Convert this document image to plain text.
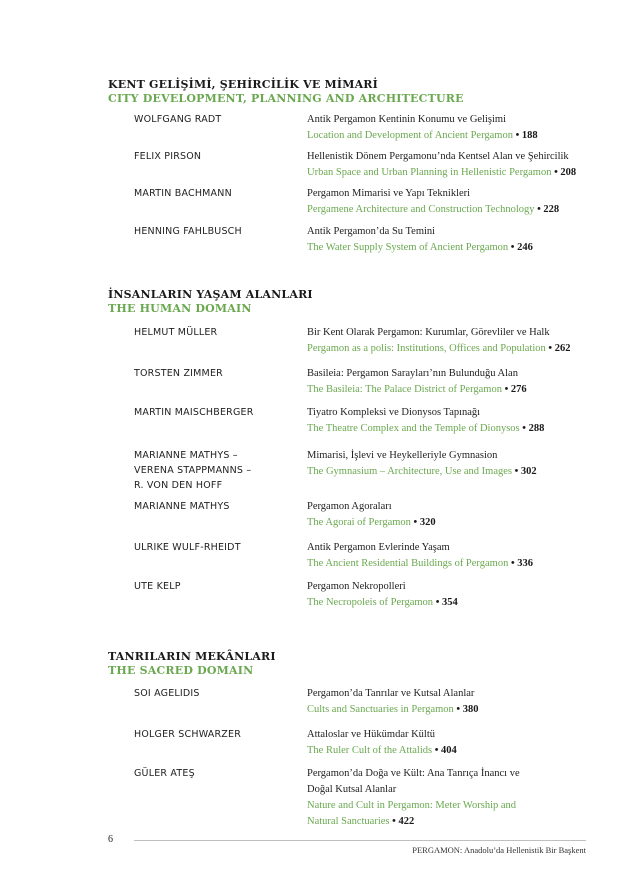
KENT GELİŞİMİ, ŞEHİRCİLİK VE MİMARİ
CITY DEVELOPMENT, PLANNING AND ARCHITECTURE
İNSANLARIN YAŞAM ALANLARI
THE HUMAN DOMAIN
TANRILARIN MEKÂNLARI
THE SACRED DOMAIN
WOLFGANG RADT	Antik Pergamon Kentinin Konumu ve Gelişimi
Location and Development of Ancient Pergamon • 188
FELIX PIRSON	Hellenistik Dönem Pergamonu’nda Kentsel Alan ve Şehircilik
Urban Space and Urban Planning in Hellenistic Pergamon • 208
MARTIN BACHMANN	Pergamon Mimarisi ve Yapı Teknikleri
Pergamene Architecture and Construction Technology • 228
HENNING FAHLBUSCH	Antik Pergamon’da Su Temini
The Water Supply System of Ancient Pergamon • 246
HELMUT MÜLLER	Bir Kent Olarak Pergamon: Kurumlar, Görevliler ve Halk
Pergamon as a polis: Institutions, Offices and Population • 262
TORSTEN ZIMMER	Basileia: Pergamon Sarayları’nın Bulunduğu Alan
The Basileia: The Palace District of Pergamon • 276
MARTIN MAISCHBERGER	Tiyatro Kompleksi ve Dionysos Tapınağı
The Theatre Complex and the Temple of Dionysos • 288
MARIANNE MATHYS –
VERENA STAPPMANNS –
R. VON DEN HOFF
Mimarisi, İşlevi ve Heykelleriyle Gymnasion
The Gymnasium – Architecture, Use and Images • 302
MARIANNE MATHYS	Pergamon Agoraları
The Agorai of Pergamon • 320
ULRIKE WULF-RHEIDT	Antik Pergamon Evlerinde Yaşam
The Ancient Residential Buildings of Pergamon • 336
UTE KELP	Pergamon Nekropolleri
The Necropoleis of Pergamon • 354
SOI AGELIDIS	Pergamon’da Tanrılar ve Kutsal Alanlar
Cults and Sanctuaries in Pergamon • 380
HOLGER SCHWARZER	Attaloslar ve Hükümdar Kültü
The Ruler Cult of the Attalids • 404
GÜLER ATEŞ	Pergamon’da Doğa ve Kült: Ana Tanrıça İnancı ve
Doğal Kutsal Alanlar
Nature and Cult in Pergamon: Meter Worship and
Natural Sanctuaries • 422
6
PERGAMON: Anadolu’da Hellenistik Bir Başkent
